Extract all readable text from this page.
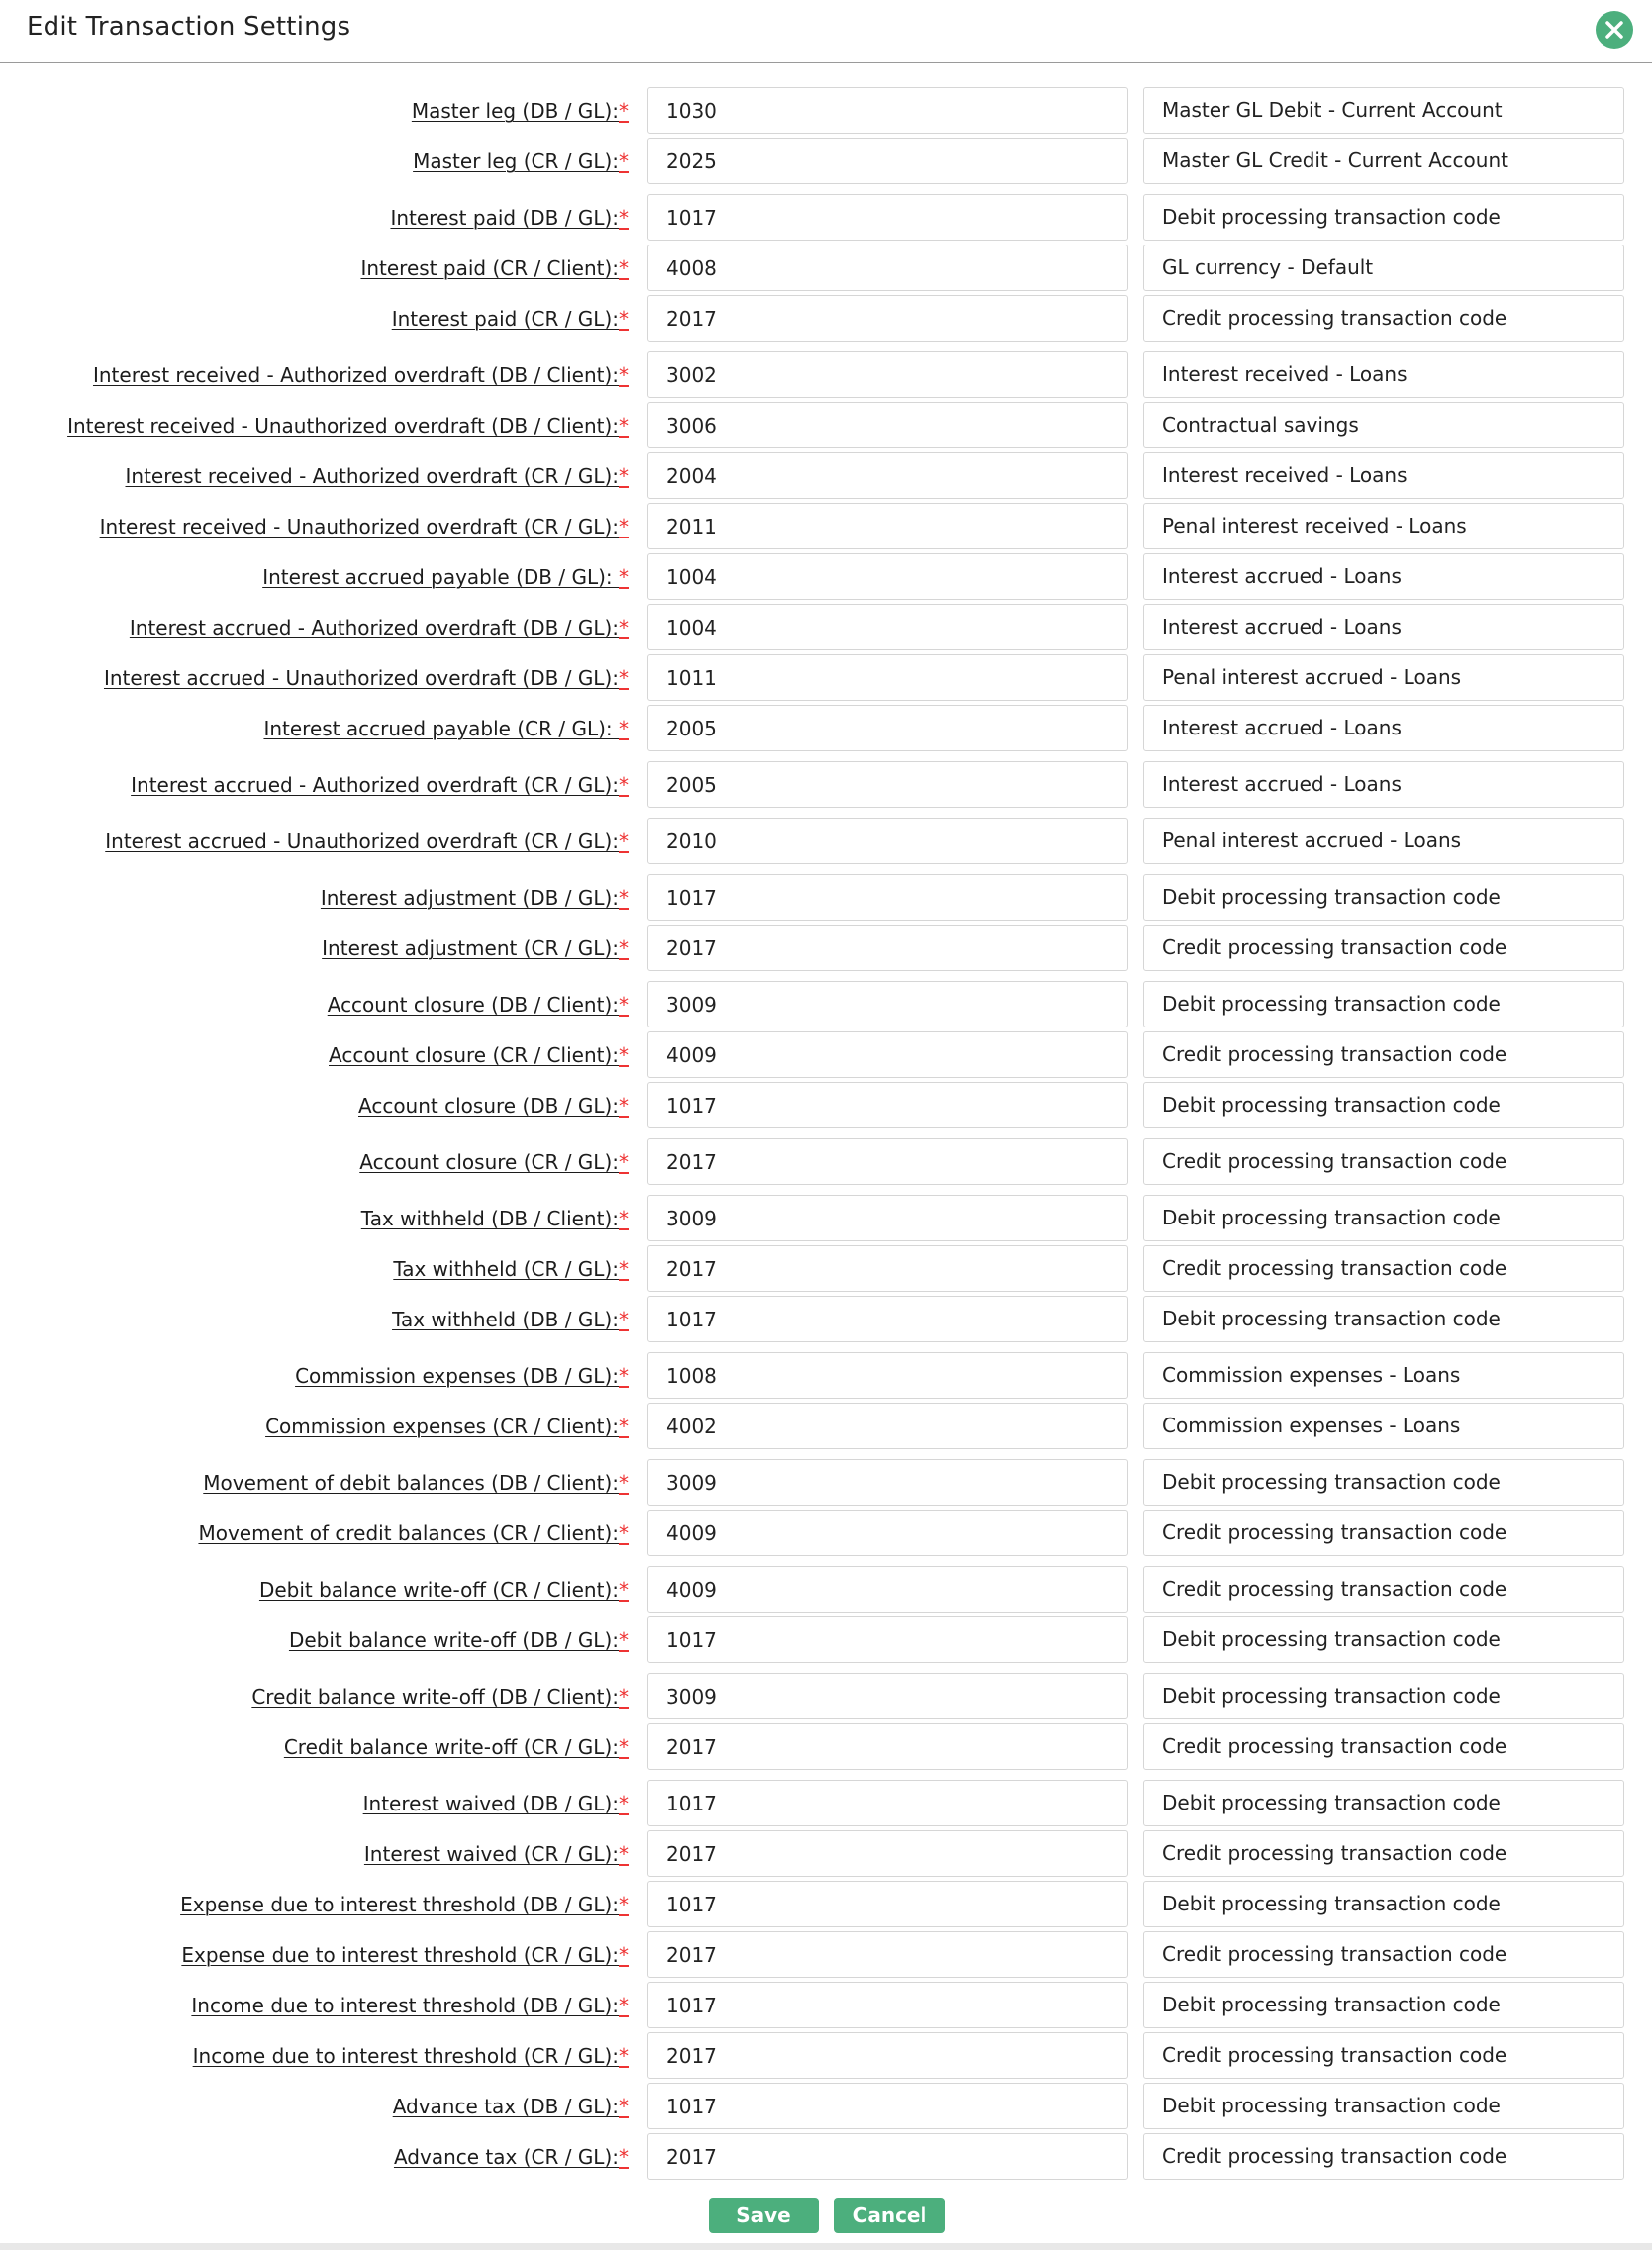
Edit Transaction Settings
Master leg (DB / GL):*
1030	Master GL Debit - Current Account
Master leg (CR / GL):*
2025	Master GL Credit - Current Account
Interest paid (DB / GL):*
1017	Debit processing transaction code
Interest paid (CR / Client):*
4008	GL currency - Default
Interest paid (CR / GL):*
2017	Credit processing transaction code
Interest received - Authorized overdraft (DB / Client):*
3002	Interest received - Loans
Interest received - Unauthorized overdraft (DB / Client):*
3006	Contractual savings
Interest received - Authorized overdraft (CR / GL):*
2004	Interest received - Loans
Interest received - Unauthorized overdraft (CR / GL):*
2011	Penal interest received - Loans
Interest accrued payable (DB / GL): *
1004	Interest accrued - Loans
Interest accrued - Authorized overdraft (DB / GL):*
1004	Interest accrued - Loans
Interest accrued - Unauthorized overdraft (DB / GL):*
1011	Penal interest accrued - Loans
Interest accrued payable (CR / GL): *
2005	Interest accrued - Loans
Interest accrued - Authorized overdraft (CR / GL):*
2005	Interest accrued - Loans
Interest accrued - Unauthorized overdraft (CR / GL):*
2010	Penal interest accrued - Loans
Interest adjustment (DB / GL):*
1017	Debit processing transaction code
Interest adjustment (CR / GL):*
2017	Credit processing transaction code
Account closure (DB / Client):*
3009	Debit processing transaction code
Account closure (CR / Client):*
4009	Credit processing transaction code
Account closure (DB / GL):*
1017	Debit processing transaction code
Account closure (CR / GL):*
2017	Credit processing transaction code
Tax withheld (DB / Client):*
3009	Debit processing transaction code
Tax withheld (CR / GL):*
2017	Credit processing transaction code
Tax withheld (DB / GL):*
1017	Debit processing transaction code
Commission expenses (DB / GL):*
1008	Commission expenses - Loans
Commission expenses (CR / Client):*
4002	Commission expenses - Loans
Movement of debit balances (DB / Client):*
3009	Debit processing transaction code
Movement of credit balances (CR / Client):*
4009	Credit processing transaction code
Debit balance write-off (CR / Client):*
4009	Credit processing transaction code
Debit balance write-off (DB / GL):*
1017	Debit processing transaction code
Credit balance write-off (DB / Client):*
3009	Debit processing transaction code
Credit balance write-off (CR / GL):*
2017	Credit processing transaction code
Interest waived (DB / GL):*
1017	Debit processing transaction code
Interest waived (CR / GL):*
2017	Credit processing transaction code
Expense due to interest threshold (DB / GL):*
1017	Debit processing transaction code
Expense due to interest threshold (CR / GL):*
2017	Credit processing transaction code
Income due to interest threshold (DB / GL):*
1017	Debit processing transaction code
Income due to interest threshold (CR / GL):*
2017	Credit processing transaction code
Advance tax (DB / GL):*
1017	Debit processing transaction code
Advance tax (CR / GL):*
2017	Credit processing transaction code
Save	Cancel
